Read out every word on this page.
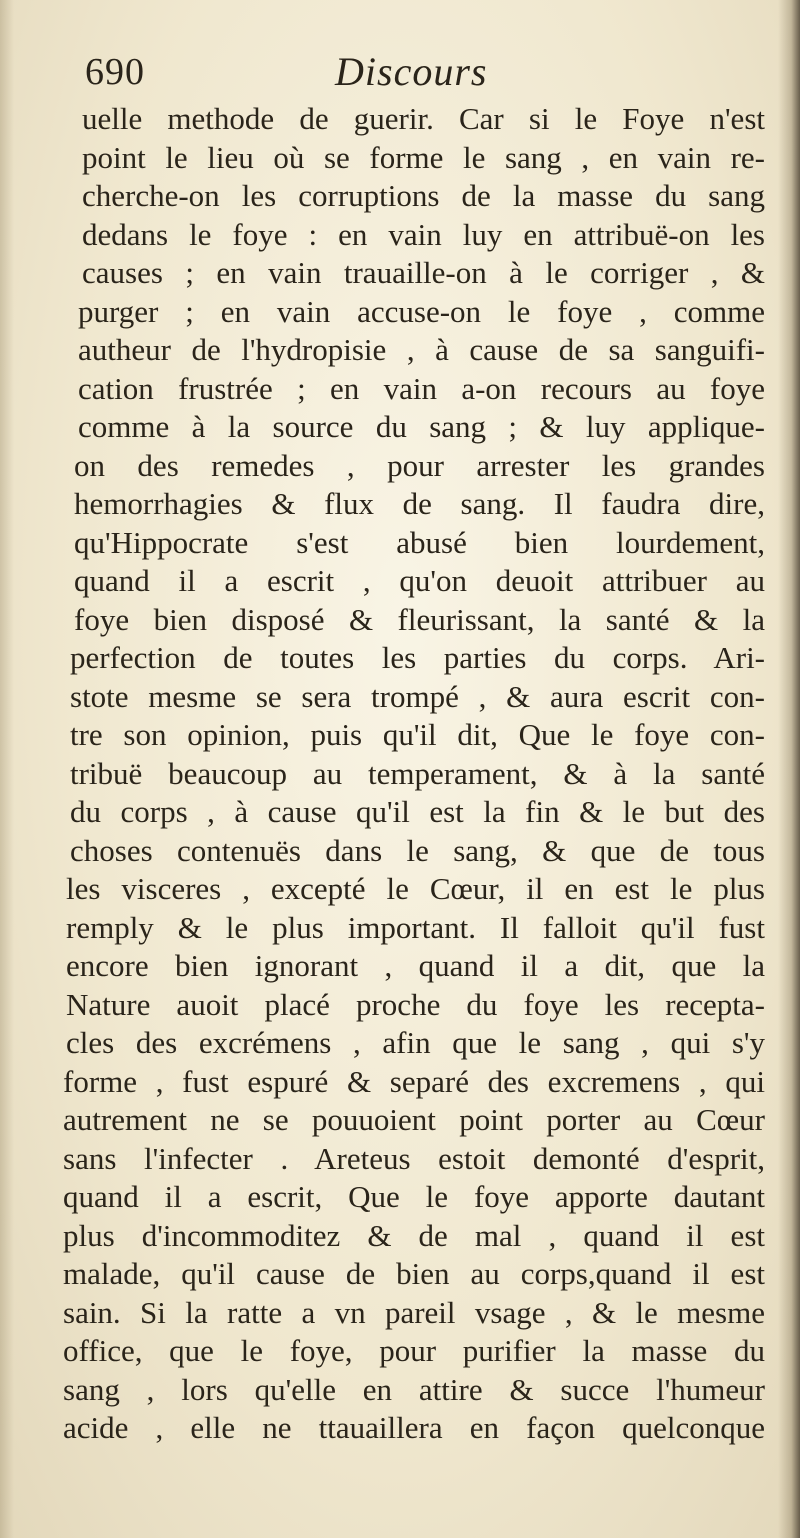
690	Discours
uelle methode de guerir. Car si le Foye n'est
point le lieu où se forme le sang , en vain re-
cherche-on les corruptions de la masse du sang
dedans le foye : en vain luy en attribuë-on les
causes ; en vain trauaille-on à le corriger , &
purger ; en vain accuse-on le foye , comme
autheur de l'hydropisie , à cause de sa sanguifi-
cation frustrée ; en vain a-on recours au foye
comme à la source du sang ; & luy applique-
on des remedes , pour arrester les grandes
hemorrhagies & flux de sang. Il faudra dire,
qu'Hippocrate s'est abusé bien lourdement,
quand il a escrit , qu'on deuoit attribuer au
foye bien disposé & fleurissant, la santé & la
perfection de toutes les parties du corps. Ari-
stote mesme se sera trompé , & aura escrit con-
tre son opinion, puis qu'il dit, Que le foye con-
tribuë beaucoup au temperament, & à la santé
du corps , à cause qu'il est la fin & le but des
choses contenuës dans le sang, & que de tous
les visceres , excepté le Cœur, il en est le plus
remply & le plus important. Il falloit qu'il fust
encore bien ignorant , quand il a dit, que la
Nature auoit placé proche du foye les recepta-
cles des excrémens , afin que le sang , qui s'y
forme , fust espuré & separé des excremens , qui
autrement ne se pouuoient point porter au Cœur
sans l'infecter . Areteus estoit demonté d'esprit,
quand il a escrit, Que le foye apporte dautant
plus d'incommoditez & de mal , quand il est
malade, qu'il cause de bien au corps,quand il est
sain. Si la ratte a vn pareil vsage , & le mesme
office, que le foye, pour purifier la masse du
sang , lors qu'elle en attire & succe l'humeur
acide , elle ne ttauaillera en façon quelconque
